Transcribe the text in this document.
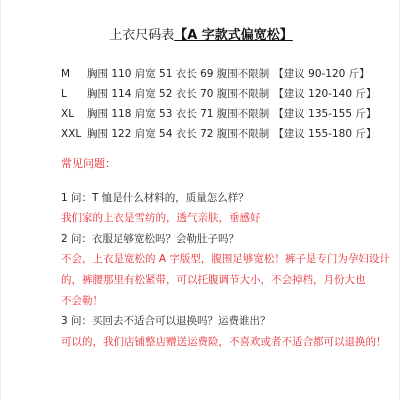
上衣尺码表【A 字款式偏宽松】
M 胸围 110 肩宽 51 衣长 69 腹围不限制 【建议 90-120 斤】
L 胸围 114 肩宽 52 衣长 70 腹围不限制 【建议 120-140 斤】
XL 胸围 118 肩宽 53 衣长 71 腹围不限制 【建议 135-155 斤】
XXL 胸围 122 肩宽 54 衣长 72 腹围不限制 【建议 155-180 斤】
常见问题：
1 问：T 恤是什么材料的，质量怎么样？
我们家的上衣是雪纺的，透气亲肤，垂感好
2 问：衣服足够宽松吗？会勒肚子吗？
不会，上衣是宽松的 A 字版型，腹围足够宽松！裤子是专门为孕妇设计
的，裤腰那里有松紧带，可以托腹调节大小，不会掉档，月份大也
不会勒！
3 问：买回去不适合可以退换吗？运费谁出？
可以的，我们店铺整店赠送运费险，不喜欢或者不适合都可以退换的！
